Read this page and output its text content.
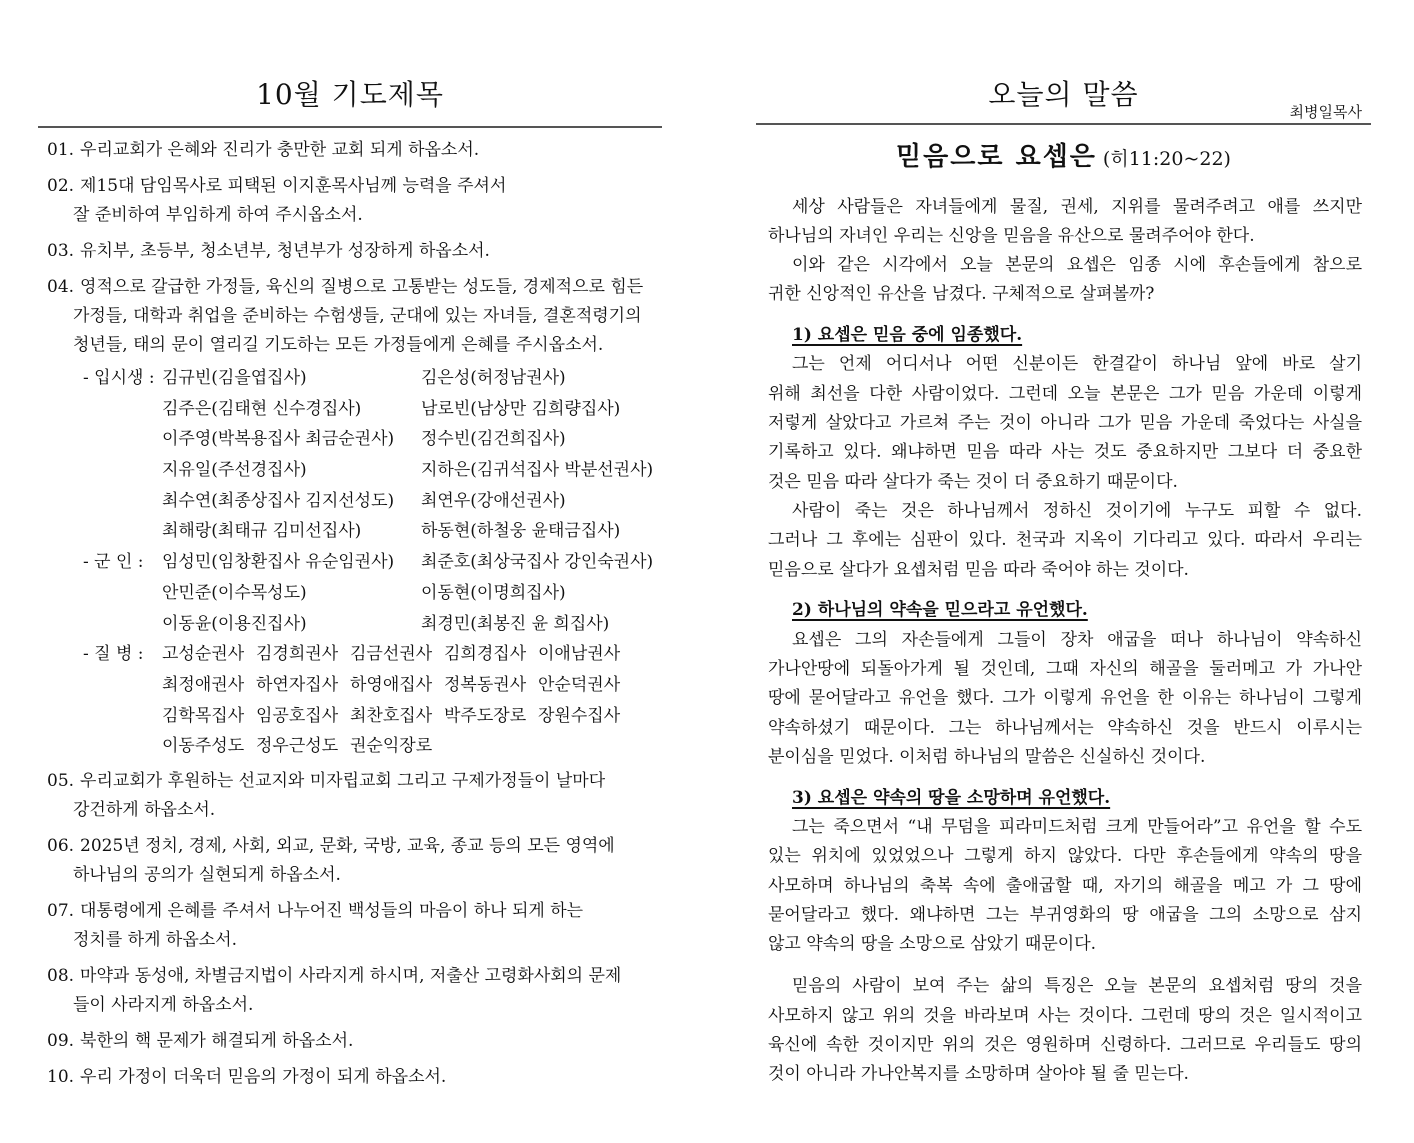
10월 기도제목
01. 우리교회가 은혜와 진리가 충만한 교회 되게 하옵소서.
02. 제15대 담임목사로 피택된 이지훈목사님께 능력을 주셔서
잘 준비하여 부임하게 하여 주시옵소서.
03. 유치부, 초등부, 청소년부, 청년부가 성장하게 하옵소서.
04. 영적으로 갈급한 가정들, 육신의 질병으로 고통받는 성도들, 경제적으로 힘든
가정들, 대학과 취업을 준비하는 수험생들, 군대에 있는 자녀들, 결혼적령기의
청년들, 태의 문이 열리길 기도하는 모든 가정들에게 은혜를 주시옵소서.
- 입시생 : 김규빈(김을엽집사)	김은성(허정남권사)
김주은(김태현 신수경집사)	남로빈(남상만 김희량집사)
이주영(박복용집사 최금순권사)	정수빈(김건희집사)
지유일(주선경집사)	지하은(김귀석집사 박분선권사)
최수연(최종상집사 김지선성도)	최연우(강애선권사)
최해랑(최태규 김미선집사)	하동현(하철웅 윤태금집사)
- 군 인 :	임성민(임창환집사 유순임권사)	최준호(최상국집사 강인숙권사)
안민준(이수목성도)	이동현(이명희집사)
이동윤(이용진집사)	최경민(최봉진 윤 희집사)
- 질 병 :	고성순권사 김경희권사 김금선권사 김희경집사 이애남권사
최정애권사 하연자집사 하영애집사 정복동권사 안순덕권사
김학목집사 임공호집사 최찬호집사 박주도장로 장원수집사
이동주성도 정우근성도 권순익장로
05. 우리교회가 후원하는 선교지와 미자립교회 그리고 구제가정들이 날마다
강건하게 하옵소서.
06. 2025년 정치, 경제, 사회, 외교, 문화, 국방, 교육, 종교 등의 모든 영역에
하나님의 공의가 실현되게 하옵소서.
07. 대통령에게 은혜를 주셔서 나누어진 백성들의 마음이 하나 되게 하는
정치를 하게 하옵소서.
08. 마약과 동성애, 차별금지법이 사라지게 하시며, 저출산 고령화사회의 문제
들이 사라지게 하옵소서.
09. 북한의 핵 문제가 해결되게 하옵소서.
10. 우리 가정이 더욱더 믿음의 가정이 되게 하옵소서.
오늘의 말씀
최병일목사
믿음으로 요셉은 (히11:20~22)
세상 사람들은 자녀들에게 물질, 권세, 지위를 물려주려고 애를 쓰지만
하나님의 자녀인 우리는 신앙을 믿음을 유산으로 물려주어야 한다.
이와 같은 시각에서 오늘 본문의 요셉은 임종 시에 후손들에게 참으로
귀한 신앙적인 유산을 남겼다. 구체적으로 살펴볼까?
1) 요셉은 믿음 중에 임종했다.
그는 언제 어디서나 어떤 신분이든 한결같이 하나님 앞에 바로 살기
위해 최선을 다한 사람이었다. 그런데 오늘 본문은 그가 믿음 가운데 이렇게
저렇게 살았다고 가르쳐 주는 것이 아니라 그가 믿음 가운데 죽었다는 사실을
기록하고 있다. 왜냐하면 믿음 따라 사는 것도 중요하지만 그보다 더 중요한
것은 믿음 따라 살다가 죽는 것이 더 중요하기 때문이다.
사람이 죽는 것은 하나님께서 정하신 것이기에 누구도 피할 수 없다.
그러나 그 후에는 심판이 있다. 천국과 지옥이 기다리고 있다. 따라서 우리는
믿음으로 살다가 요셉처럼 믿음 따라 죽어야 하는 것이다.
2) 하나님의 약속을 믿으라고 유언했다.
요셉은 그의 자손들에게 그들이 장차 애굽을 떠나 하나님이 약속하신
가나안땅에 되돌아가게 될 것인데, 그때 자신의 해골을 둘러메고 가 가나안
땅에 묻어달라고 유언을 했다. 그가 이렇게 유언을 한 이유는 하나님이 그렇게
약속하셨기 때문이다. 그는 하나님께서는 약속하신 것을 반드시 이루시는
분이심을 믿었다. 이처럼 하나님의 말씀은 신실하신 것이다.
3) 요셉은 약속의 땅을 소망하며 유언했다.
그는 죽으면서 “내 무덤을 피라미드처럼 크게 만들어라”고 유언을 할 수도
있는 위치에 있었었으나 그렇게 하지 않았다. 다만 후손들에게 약속의 땅을
사모하며 하나님의 축복 속에 출애굽할 때, 자기의 해골을 메고 가 그 땅에
묻어달라고 했다. 왜냐하면 그는 부귀영화의 땅 애굽을 그의 소망으로 삼지
않고 약속의 땅을 소망으로 삼았기 때문이다.
믿음의 사람이 보여 주는 삶의 특징은 오늘 본문의 요셉처럼 땅의 것을
사모하지 않고 위의 것을 바라보며 사는 것이다. 그런데 땅의 것은 일시적이고
육신에 속한 것이지만 위의 것은 영원하며 신령하다. 그러므로 우리들도 땅의
것이 아니라 가나안복지를 소망하며 살아야 될 줄 믿는다.
